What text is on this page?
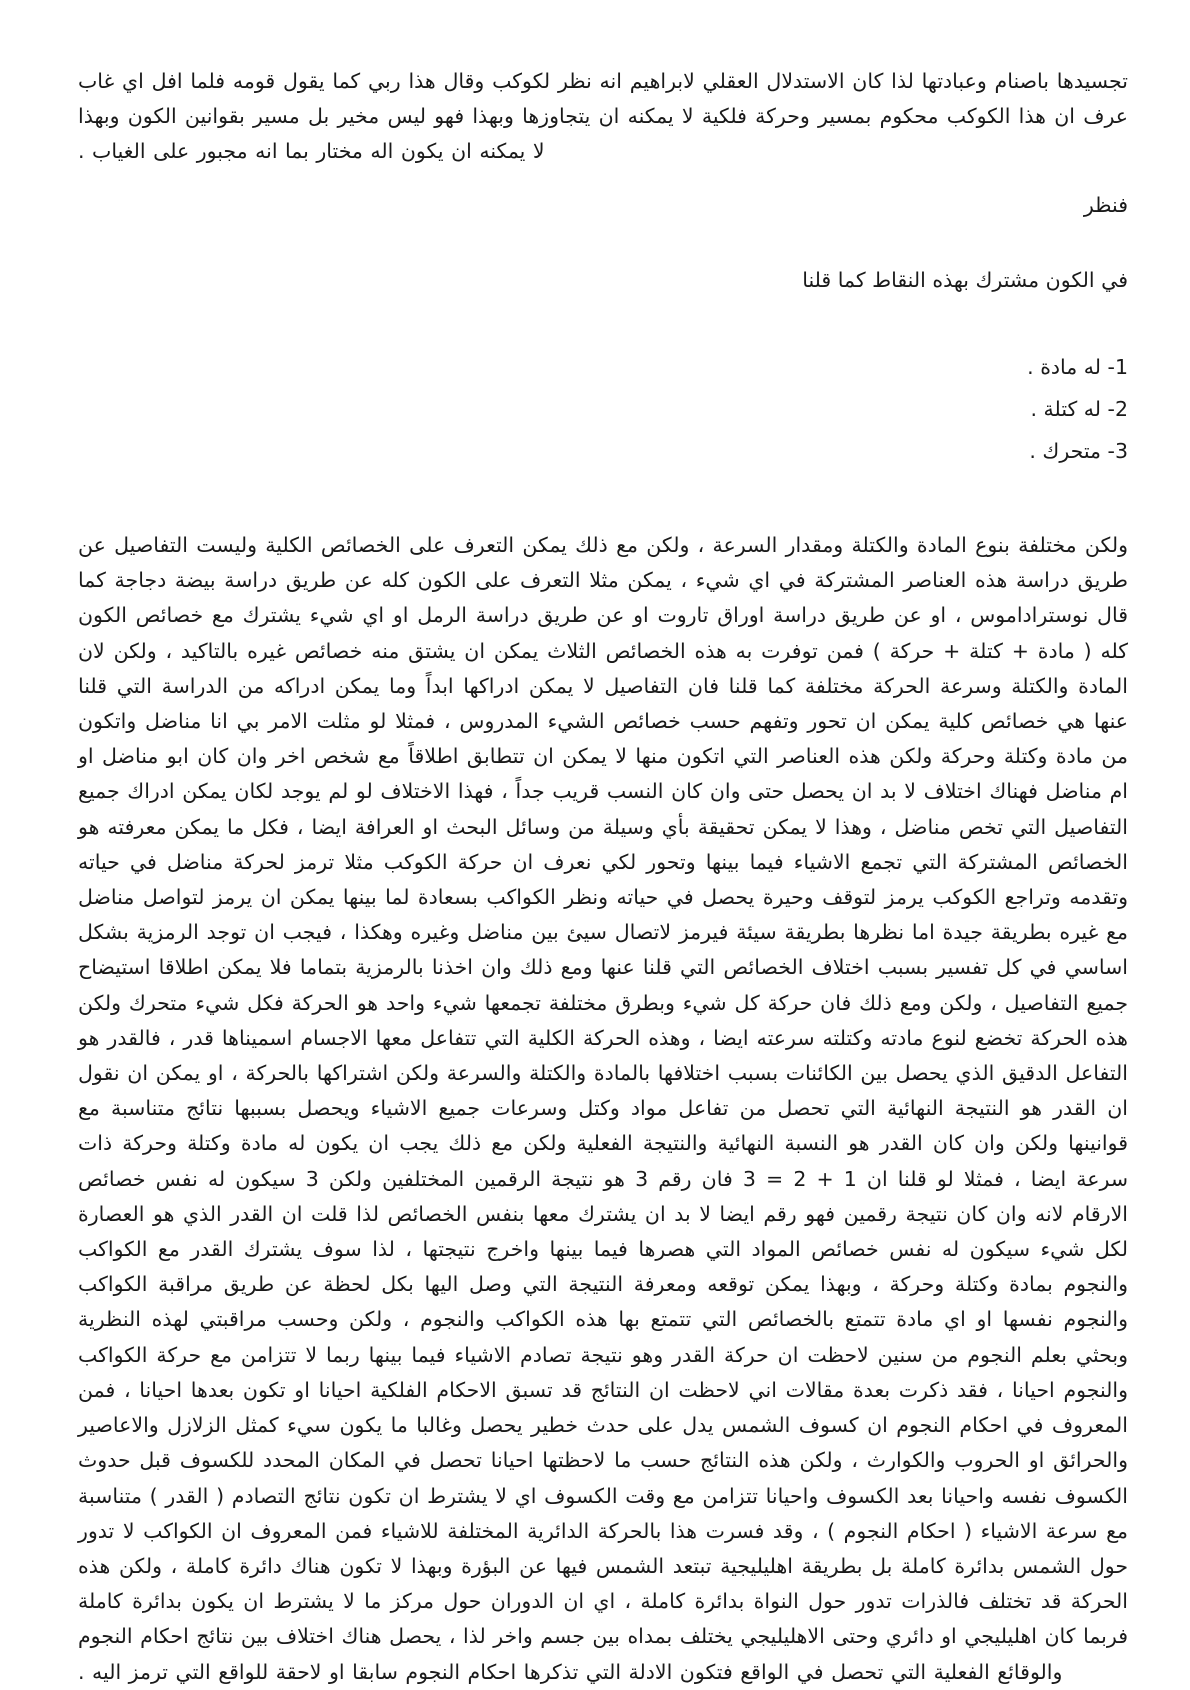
تجسيدها باصنام وعبادتها لذا كان الاستدلال العقلي لابراهيم انه نظر لكوكب وقال هذا ربي كما يقول قومه فلما افل اي غاب عرف ان هذا الكوكب محكوم بمسير وحركة فلكية لا يمكنه ان يتجاوزها وبهذا فهو ليس مخير بل مسير بقوانين الكون وبهذا لا يمكنه ان يكون اله مختار بما انه مجبور على الغياب .

فنظر

في الكون مشترك بهذه النقاط كما قلنا

1- له مادة .
2- له كتلة .
3- متحرك .

ولكن مختلفة بنوع المادة والكتلة ومقدار السرعة ، ولكن مع ذلك يمكن التعرف على الخصائص الكلية وليست التفاصيل عن طريق دراسة هذه العناصر المشتركة في اي شيء ، يمكن مثلا التعرف على الكون كله عن طريق دراسة بيضة دجاجة كما قال نوستراداموس ، او عن طريق دراسة اوراق تاروت او عن طريق دراسة الرمل او اي شيء يشترك مع خصائص الكون كله ( مادة + كتلة + حركة ) فمن توفرت به هذه الخصائص الثلاث يمكن ان يشتق منه خصائص غيره بالتاكيد ، ولكن لان المادة والكتلة وسرعة الحركة مختلفة كما قلنا فان التفاصيل لا يمكن ادراكها ابداً وما يمكن ادراكه من الدراسة التي قلنا عنها هي خصائص كلية يمكن ان تحور وتفهم حسب خصائص الشيء المدروس ، فمثلا لو مثلت الامر بي انا مناضل واتكون من مادة وكتلة وحركة ولكن هذه العناصر التي اتكون منها لا يمكن ان تتطابق اطلاقاً مع شخص اخر وان كان ابو مناضل او ام مناضل فهناك اختلاف لا بد ان يحصل حتى وان كان النسب قريب جداً ، فهذا الاختلاف لو لم يوجد لكان يمكن ادراك جميع التفاصيل التي تخص مناضل ، وهذا لا يمكن تحقيقة بأي وسيلة من وسائل البحث او العرافة ايضا ، فكل ما يمكن معرفته هو الخصائص المشتركة التي تجمع الاشياء فيما بينها وتحور لكي نعرف ان حركة الكوكب مثلا ترمز لحركة مناضل في حياته وتقدمه وتراجع الكوكب يرمز لتوقف وحيرة يحصل في حياته ونظر الكواكب بسعادة لما بينها يمكن ان يرمز لتواصل مناضل مع غيره بطريقة جيدة اما نظرها بطريقة سيئة فيرمز لاتصال سيئ بين مناضل وغيره وهكذا ، فيجب ان توجد الرمزية بشكل اساسي في كل تفسير بسبب اختلاف الخصائص التي قلنا عنها ومع ذلك وان اخذنا بالرمزية بتماما فلا يمكن اطلاقا استيضاح جميع التفاصيل ، ولكن ومع ذلك فان حركة كل شيء وبطرق مختلفة تجمعها شيء واحد هو الحركة فكل شيء متحرك ولكن هذه الحركة تخضع لنوع مادته وكتلته سرعته ايضا ، وهذه الحركة الكلية التي تتفاعل معها الاجسام اسميناها قدر ، فالقدر هو التفاعل الدقيق الذي يحصل بين الكائنات بسبب اختلافها بالمادة والكتلة والسرعة ولكن اشتراكها بالحركة ، او يمكن ان نقول ان القدر هو النتيجة النهائية التي تحصل من تفاعل مواد وكتل وسرعات جميع الاشياء ويحصل بسببها نتائج متناسبة مع قوانينها ولكن وان كان القدر هو النسبة النهائية والنتيجة الفعلية ولكن مع ذلك يجب ان يكون له مادة وكتلة وحركة ذات سرعة ايضا ، فمثلا لو قلنا ان 1 + 2 = 3 فان رقم 3 هو نتيجة الرقمين المختلفين ولكن 3 سيكون له نفس خصائص الارقام لانه وان كان نتيجة رقمين فهو رقم ايضا لا بد ان يشترك معها بنفس الخصائص لذا قلت ان القدر الذي هو العصارة لكل شيء سيكون له نفس خصائص المواد التي هصرها فيما بينها واخرج نتيجتها ، لذا سوف يشترك القدر مع الكواكب والنجوم بمادة وكتلة وحركة ، وبهذا يمكن توقعه ومعرفة النتيجة التي وصل اليها بكل لحظة عن طريق مراقبة الكواكب والنجوم نفسها او اي مادة تتمتع بالخصائص التي تتمتع بها هذه الكواكب والنجوم ، ولكن وحسب مراقبتي لهذه النظرية وبحثي بعلم النجوم من سنين لاحظت ان حركة القدر وهو نتيجة تصادم الاشياء فيما بينها ربما لا تتزامن مع حركة الكواكب والنجوم احيانا ، فقد ذكرت بعدة مقالات اني لاحظت ان النتائج قد تسبق الاحكام الفلكية احيانا او تكون بعدها احيانا ، فمن المعروف في احكام النجوم ان كسوف الشمس يدل على حدث خطير يحصل وغالبا ما يكون سيء كمثل الزلازل والاعاصير والحرائق او الحروب والكوارث ، ولكن هذه النتائج حسب ما لاحظتها احيانا تحصل في المكان المحدد للكسوف قبل حدوث الكسوف نفسه واحيانا بعد الكسوف واحيانا تتزامن مع وقت الكسوف اي لا يشترط ان تكون نتائج التصادم ( القدر ) متناسبة مع سرعة الاشياء ( احكام النجوم ) ، وقد فسرت هذا بالحركة الدائرية المختلفة للاشياء فمن المعروف ان الكواكب لا تدور حول الشمس بدائرة كاملة بل بطريقة اهليليجية تبتعد الشمس فيها عن البؤرة وبهذا لا تكون هناك دائرة كاملة ، ولكن هذه الحركة قد تختلف فالذرات تدور حول النواة بدائرة كاملة ، اي ان الدوران حول مركز ما لا يشترط ان يكون بدائرة كاملة فربما كان اهليليجي او دائري وحتى الاهليليجي يختلف بمداه بين جسم واخر لذا ، يحصل هناك اختلاف بين نتائج احكام النجوم والوقائع الفعلية التي تحصل في الواقع فتكون الادلة التي تذكرها احكام النجوم سابقا او لاحقة للواقع التي ترمز اليه .
